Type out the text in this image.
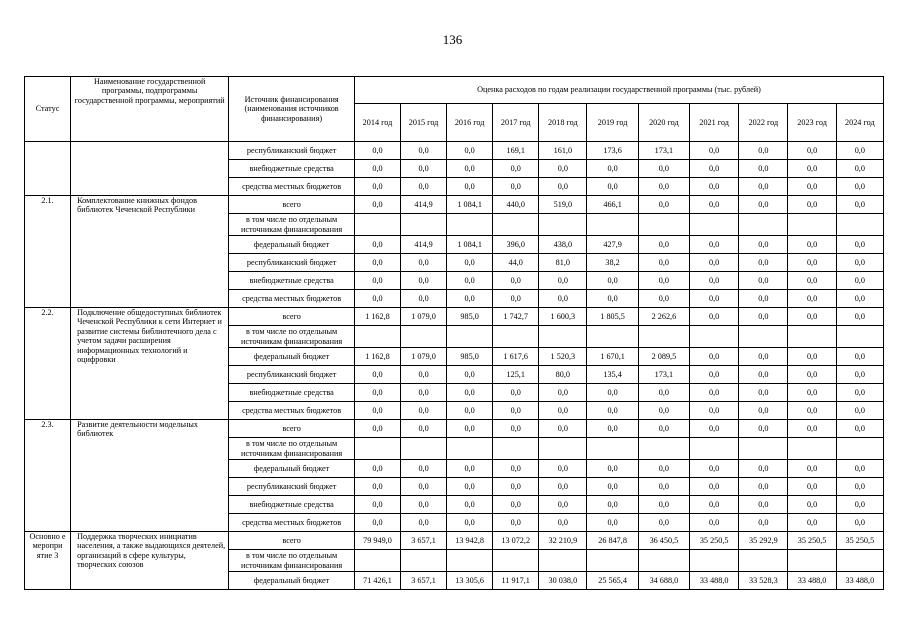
136
Статус	Наименование государственной программы, подпрограммы государственной программы, мероприятий	Источник финансирования (наименования источников финансирования)	Оценка расходов по годам реализации государственной программы (тыс. рублей)										
			2014 год	2015 год	2016 год	2017 год	2018 год	2019 год	2020 год	2021 год	2022 год	2023 год	2024 год
		республиканский бюджет	0,0	0,0	0,0	169,1	161,0	173,6	173,1	0,0	0,0	0,0	0,0
		внебюджетные средства	0,0	0,0	0,0	0,0	0,0	0,0	0,0	0,0	0,0	0,0	0,0
		средства местных бюджетов	0,0	0,0	0,0	0,0	0,0	0,0	0,0	0,0	0,0	0,0	0,0
2.1.	Комплектование книжных фондов библиотек Чеченской Республики	всего	0,0	414,9	1 084,1	440,0	519,0	466,1	0,0	0,0	0,0	0,0	0,0
		в том числе по отдельным источникам финансирования											
		федеральный бюджет	0,0	414,9	1 084,1	396,0	438,0	427,9	0,0	0,0	0,0	0,0	0,0
		республиканский бюджет	0,0	0,0	0,0	44,0	81,0	38,2	0,0	0,0	0,0	0,0	0,0
		внебюджетные средства	0,0	0,0	0,0	0,0	0,0	0,0	0,0	0,0	0,0	0,0	0,0
		средства местных бюджетов	0,0	0,0	0,0	0,0	0,0	0,0	0,0	0,0	0,0	0,0	0,0
2.2.	Подключение общедоступных библиотек Чеченской Республики к сети Интернет и развитие системы библиотечного дела с учетом задачи расширения информационных технологий и оцифровки	всего	1 162,8	1 079,0	985,0	1 742,7	1 600,3	1 805,5	2 262,6	0,0	0,0	0,0	0,0
		в том числе по отдельным источникам финансирования											
		федеральный бюджет	1 162,8	1 079,0	985,0	1 617,6	1 520,3	1 670,1	2 089,5	0,0	0,0	0,0	0,0
		республиканский бюджет	0,0	0,0	0,0	125,1	80,0	135,4	173,1	0,0	0,0	0,0	0,0
		внебюджетные средства	0,0	0,0	0,0	0,0	0,0	0,0	0,0	0,0	0,0	0,0	0,0
		средства местных бюджетов	0,0	0,0	0,0	0,0	0,0	0,0	0,0	0,0	0,0	0,0	0,0
2.3.	Развитие деятельности модельных библиотек	всего	0,0	0,0	0,0	0,0	0,0	0,0	0,0	0,0	0,0	0,0	0,0
		в том числе по отдельным источникам финансирования											
		федеральный бюджет	0,0	0,0	0,0	0,0	0,0	0,0	0,0	0,0	0,0	0,0	0,0
		республиканский бюджет	0,0	0,0	0,0	0,0	0,0	0,0	0,0	0,0	0,0	0,0	0,0
		внебюджетные средства	0,0	0,0	0,0	0,0	0,0	0,0	0,0	0,0	0,0	0,0	0,0
		средства местных бюджетов	0,0	0,0	0,0	0,0	0,0	0,0	0,0	0,0	0,0	0,0	0,0
Основно е меропри ятие 3	Поддержка творческих инициатив населения, а также выдающихся деятелей, организаций в сфере культуры, творческих союзов	всего	79 949,0	3 657,1	13 942,8	13 072,2	32 210,9	26 847,8	36 450,5	35 250,5	35 292,9	35 250,5	35 250,5
		в том числе по отдельным источникам финансирования											
		федеральный бюджет	71 426,1	3 657,1	13 305,6	11 917,1	30 038,0	25 565,4	34 688,0	33 488,0	33 528,3	33 488,0	33 488,0
